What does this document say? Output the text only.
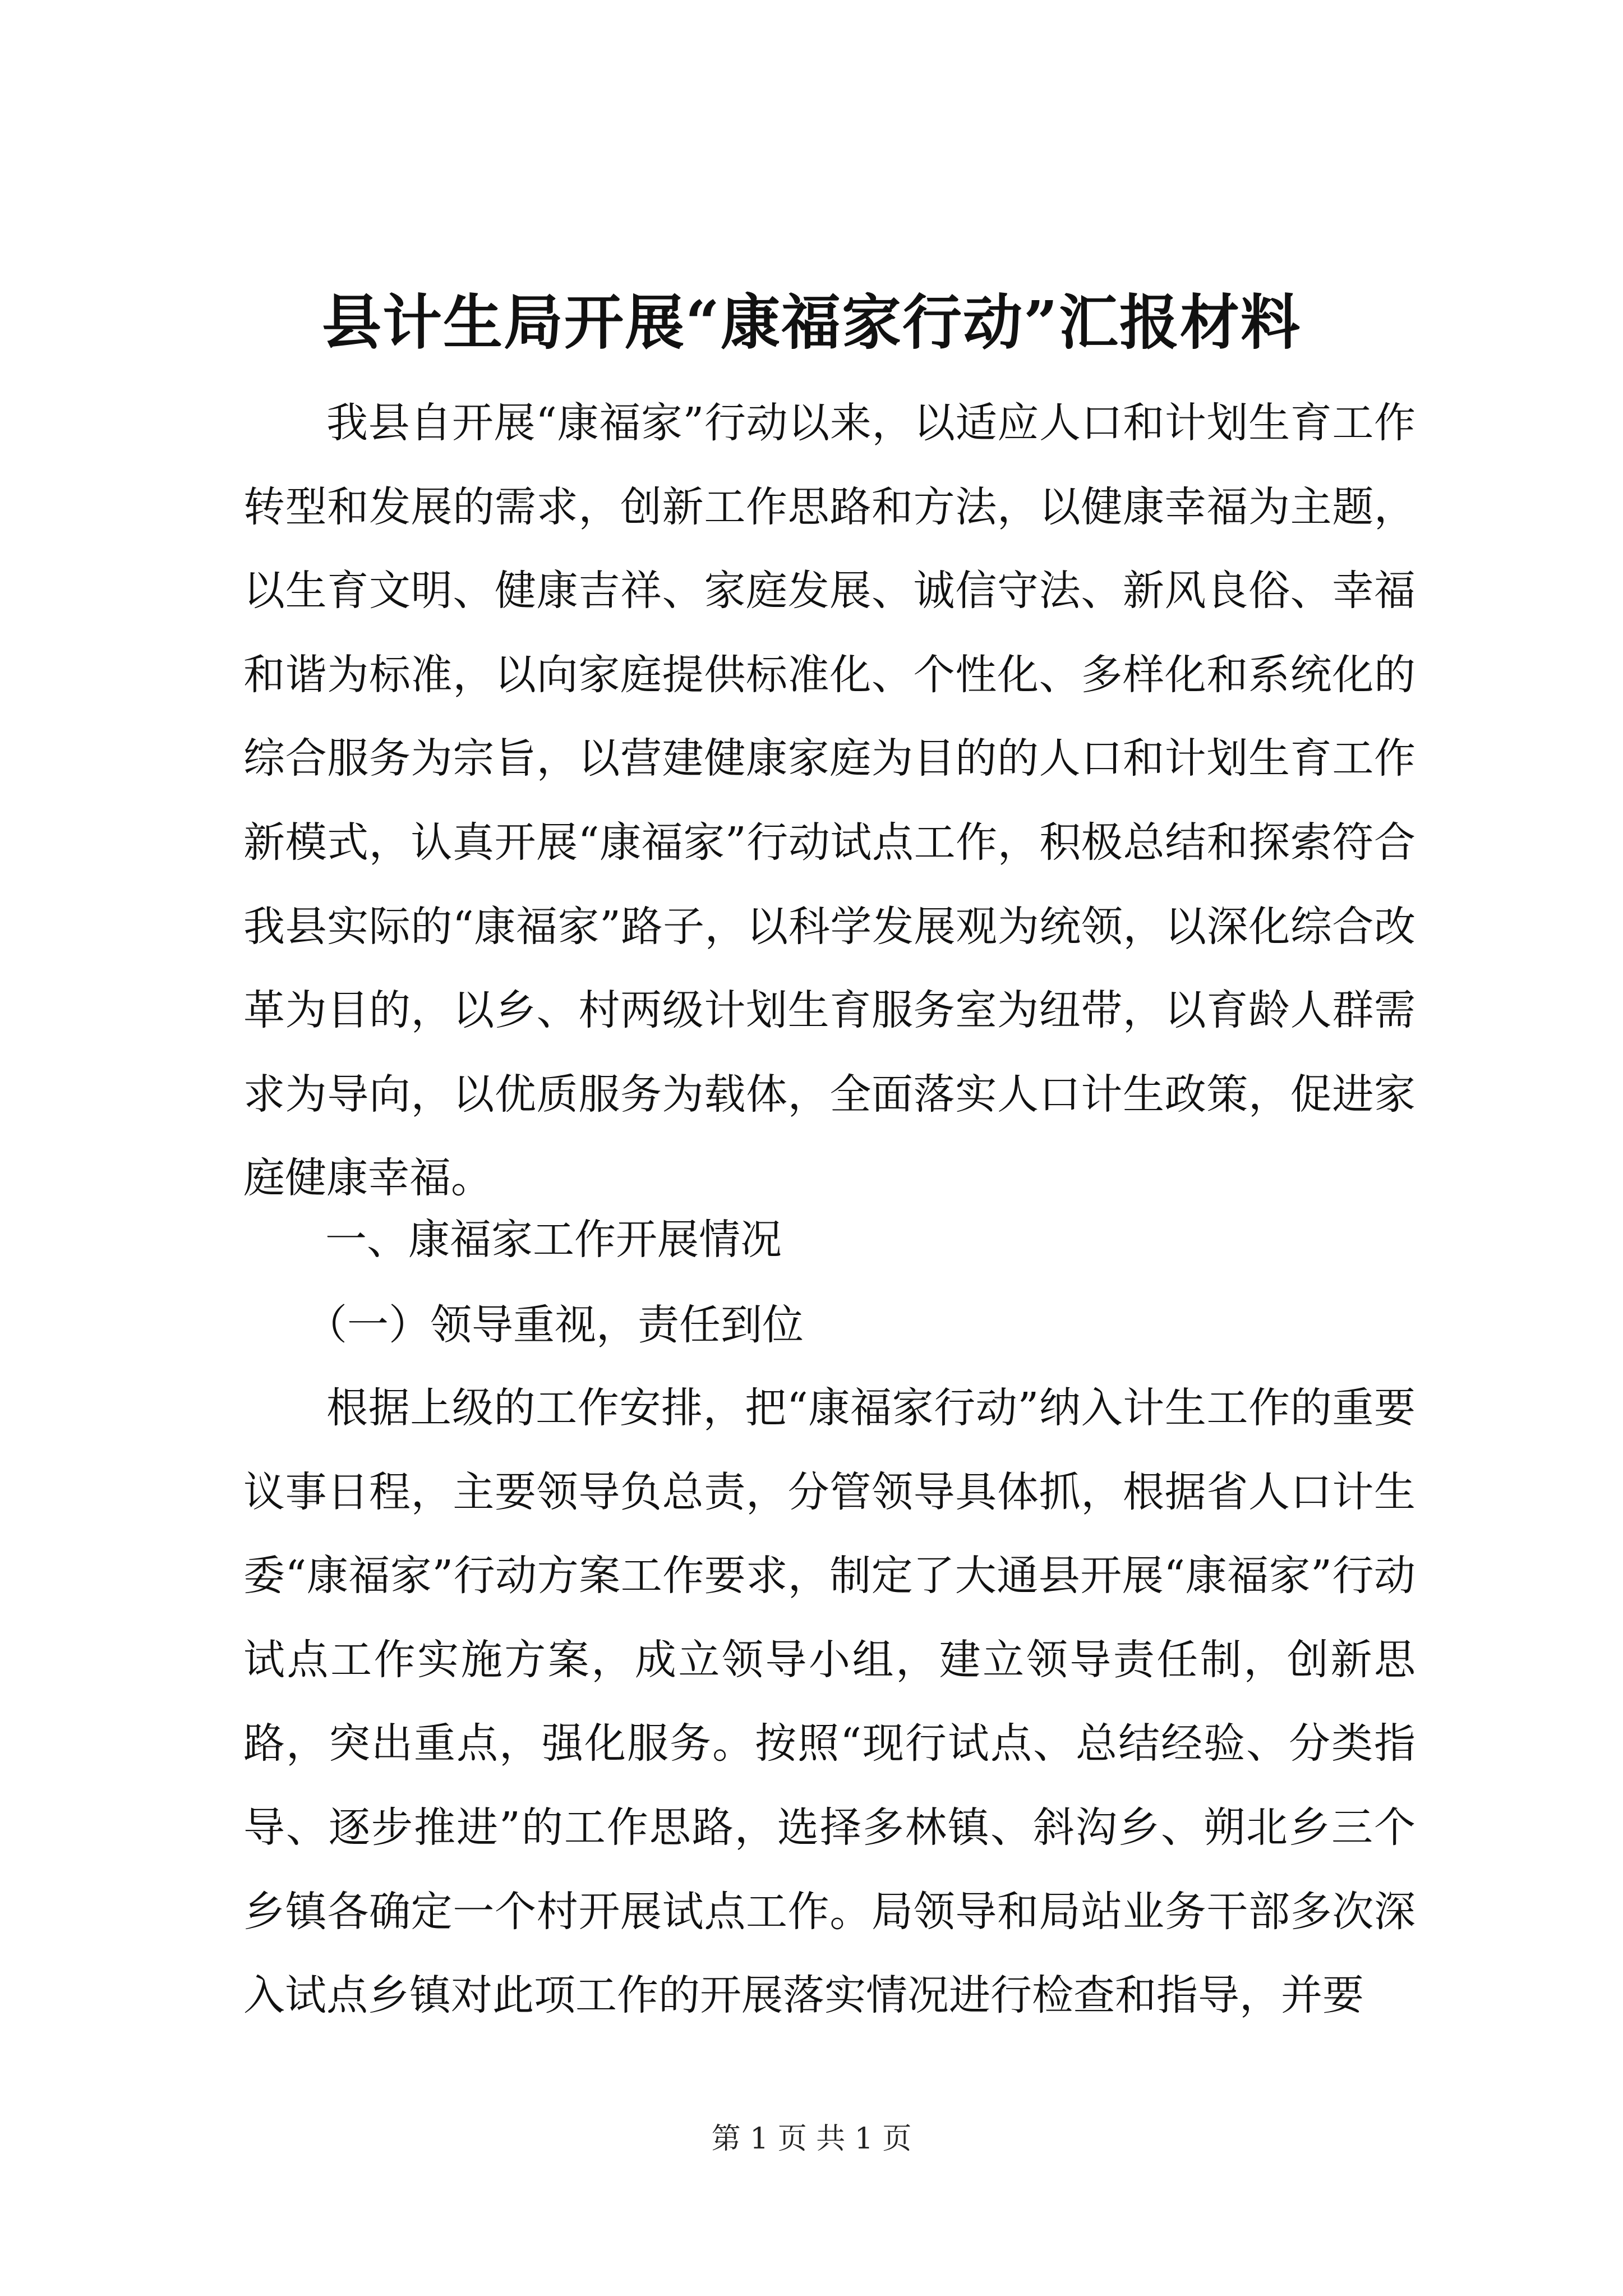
县计生局开展“康福家行动”汇报材料
我县自开展“康福家”行动以来，以适应人口和计划生育工作转型和发展的需求，创新工作思路和方法，以健康幸福为主题，以生育文明、健康吉祥、家庭发展、诚信守法、新风良俗、幸福和谐为标准，以向家庭提供标准化、个性化、多样化和系统化的综合服务为宗旨，以营建健康家庭为目的的人口和计划生育工作新模式，认真开展“康福家”行动试点工作，积极总结和探索符合我县实际的“康福家”路子，以科学发展观为统领，以深化综合改革为目的，以乡、村两级计划生育服务室为纽带，以育龄人群需求为导向，以优质服务为载体，全面落实人口计生政策，促进家庭健康幸福。
一、康福家工作开展情况
（一）领导重视，责任到位
根据上级的工作安排，把“康福家行动”纳入计生工作的重要议事日程，主要领导负总责，分管领导具体抓，根据省人口计生委“康福家”行动方案工作要求，制定了大通县开展“康福家”行动试点工作实施方案，成立领导小组，建立领导责任制，创新思路，突出重点，强化服务。按照“现行试点、总结经验、分类指导、逐步推进”的工作思路，选择多林镇、斜沟乡、朔北乡三个乡镇各确定一个村开展试点工作。局领导和局站业务干部多次深入试点乡镇对此项工作的开展落实情况进行检查和指导，并要
第 1 页 共 1 页
